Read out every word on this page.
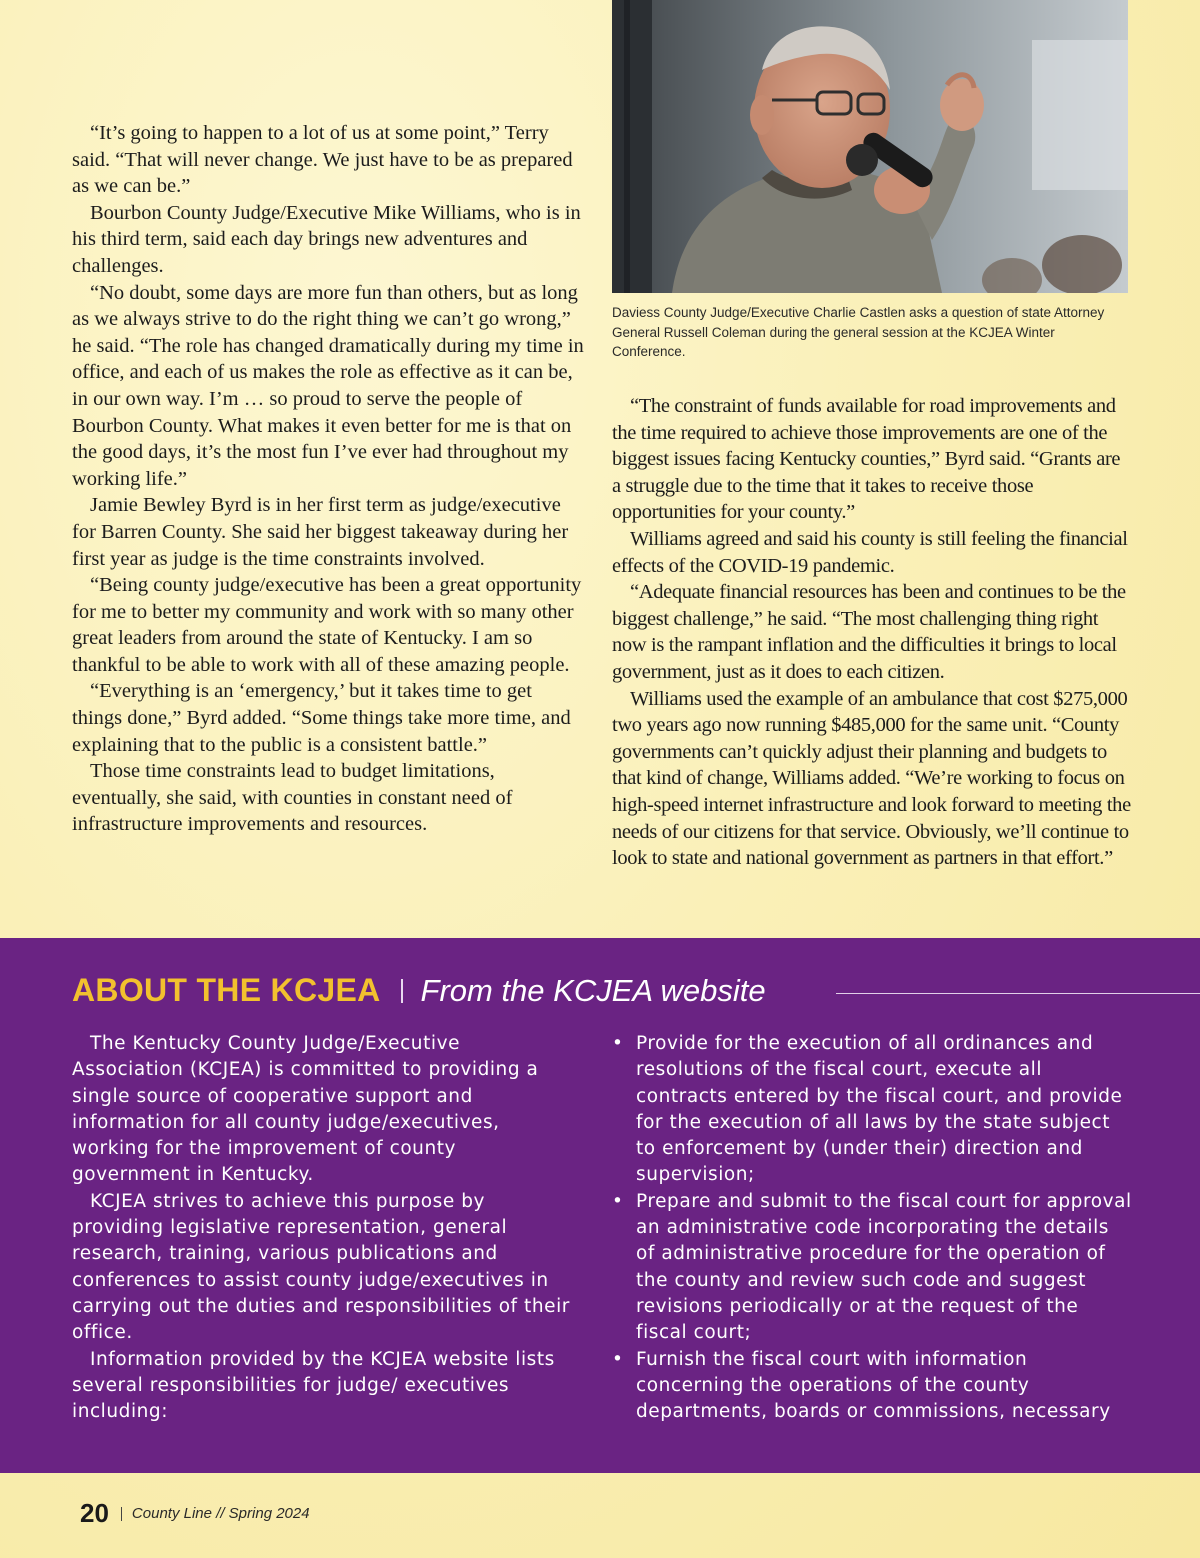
“It’s going to happen to a lot of us at some point,” Terry said. “That will never change. We just have to be as prepared as we can be.”

Bourbon County Judge/Executive Mike Williams, who is in his third term, said each day brings new adventures and challenges.

“No doubt, some days are more fun than others, but as long as we always strive to do the right thing we can’t go wrong,” he said. “The role has changed dramatically during my time in office, and each of us makes the role as effective as it can be, in our own way. I’m … so proud to serve the people of Bourbon County. What makes it even better for me is that on the good days, it’s the most fun I’ve ever had throughout my working life.”

Jamie Bewley Byrd is in her first term as judge/executive for Barren County. She said her biggest takeaway during her first year as judge is the time constraints involved.

“Being county judge/executive has been a great opportunity for me to better my community and work with so many other great leaders from around the state of Kentucky. I am so thankful to be able to work with all of these amazing people.

“Everything is an ‘emergency,’ but it takes time to get things done,” Byrd added. “Some things take more time, and explaining that to the public is a consistent battle.”

Those time constraints lead to budget limitations, eventually, she said, with counties in constant need of infrastructure improvements and resources.

Daviess County Judge/Executive Charlie Castlen asks a question of state Attorney General Russell Coleman during the general session at the KCJEA Winter Conference.

“The constraint of funds available for road improvements and the time required to achieve those improvements are one of the biggest issues facing Kentucky counties,” Byrd said. “Grants are a struggle due to the time that it takes to receive those opportunities for your county.”

Williams agreed and said his county is still feeling the financial effects of the COVID-19 pandemic.

“Adequate financial resources has been and continues to be the biggest challenge,” he said. “The most challenging thing right now is the rampant inflation and the difficulties it brings to local government, just as it does to each citizen.

Williams used the example of an ambulance that cost $275,000 two years ago now running $485,000 for the same unit. “County governments can’t quickly adjust their planning and budgets to that kind of change, Williams added. “We’re working to focus on high-speed internet infrastructure and look forward to meeting the needs of our citizens for that service. Obviously, we’ll continue to look to state and national government as partners in that effort.”

ABOUT THE KCJEA From the KCJEA website

The Kentucky County Judge/Executive Association (KCJEA) is committed to providing a single source of cooperative support and information for all county judge/executives, working for the improvement of county government in Kentucky.

KCJEA strives to achieve this purpose by providing legislative representation, general research, training, various publications and conferences to assist county judge/executives in carrying out the duties and responsibilities of their office.

Information provided by the KCJEA website lists several responsibilities for judge/ executives including:

• Provide for the execution of all ordinances and resolutions of the fiscal court, execute all contracts entered by the fiscal court, and provide for the execution of all laws by the state subject to enforcement by (under their) direction and supervision;
• Prepare and submit to the fiscal court for approval an administrative code incorporating the details of administrative procedure for the operation of the county and review such code and suggest revisions periodically or at the request of the fiscal court;
• Furnish the fiscal court with information concerning the operations of the county departments, boards or commissions, necessary
20 County Line // Spring 2024
